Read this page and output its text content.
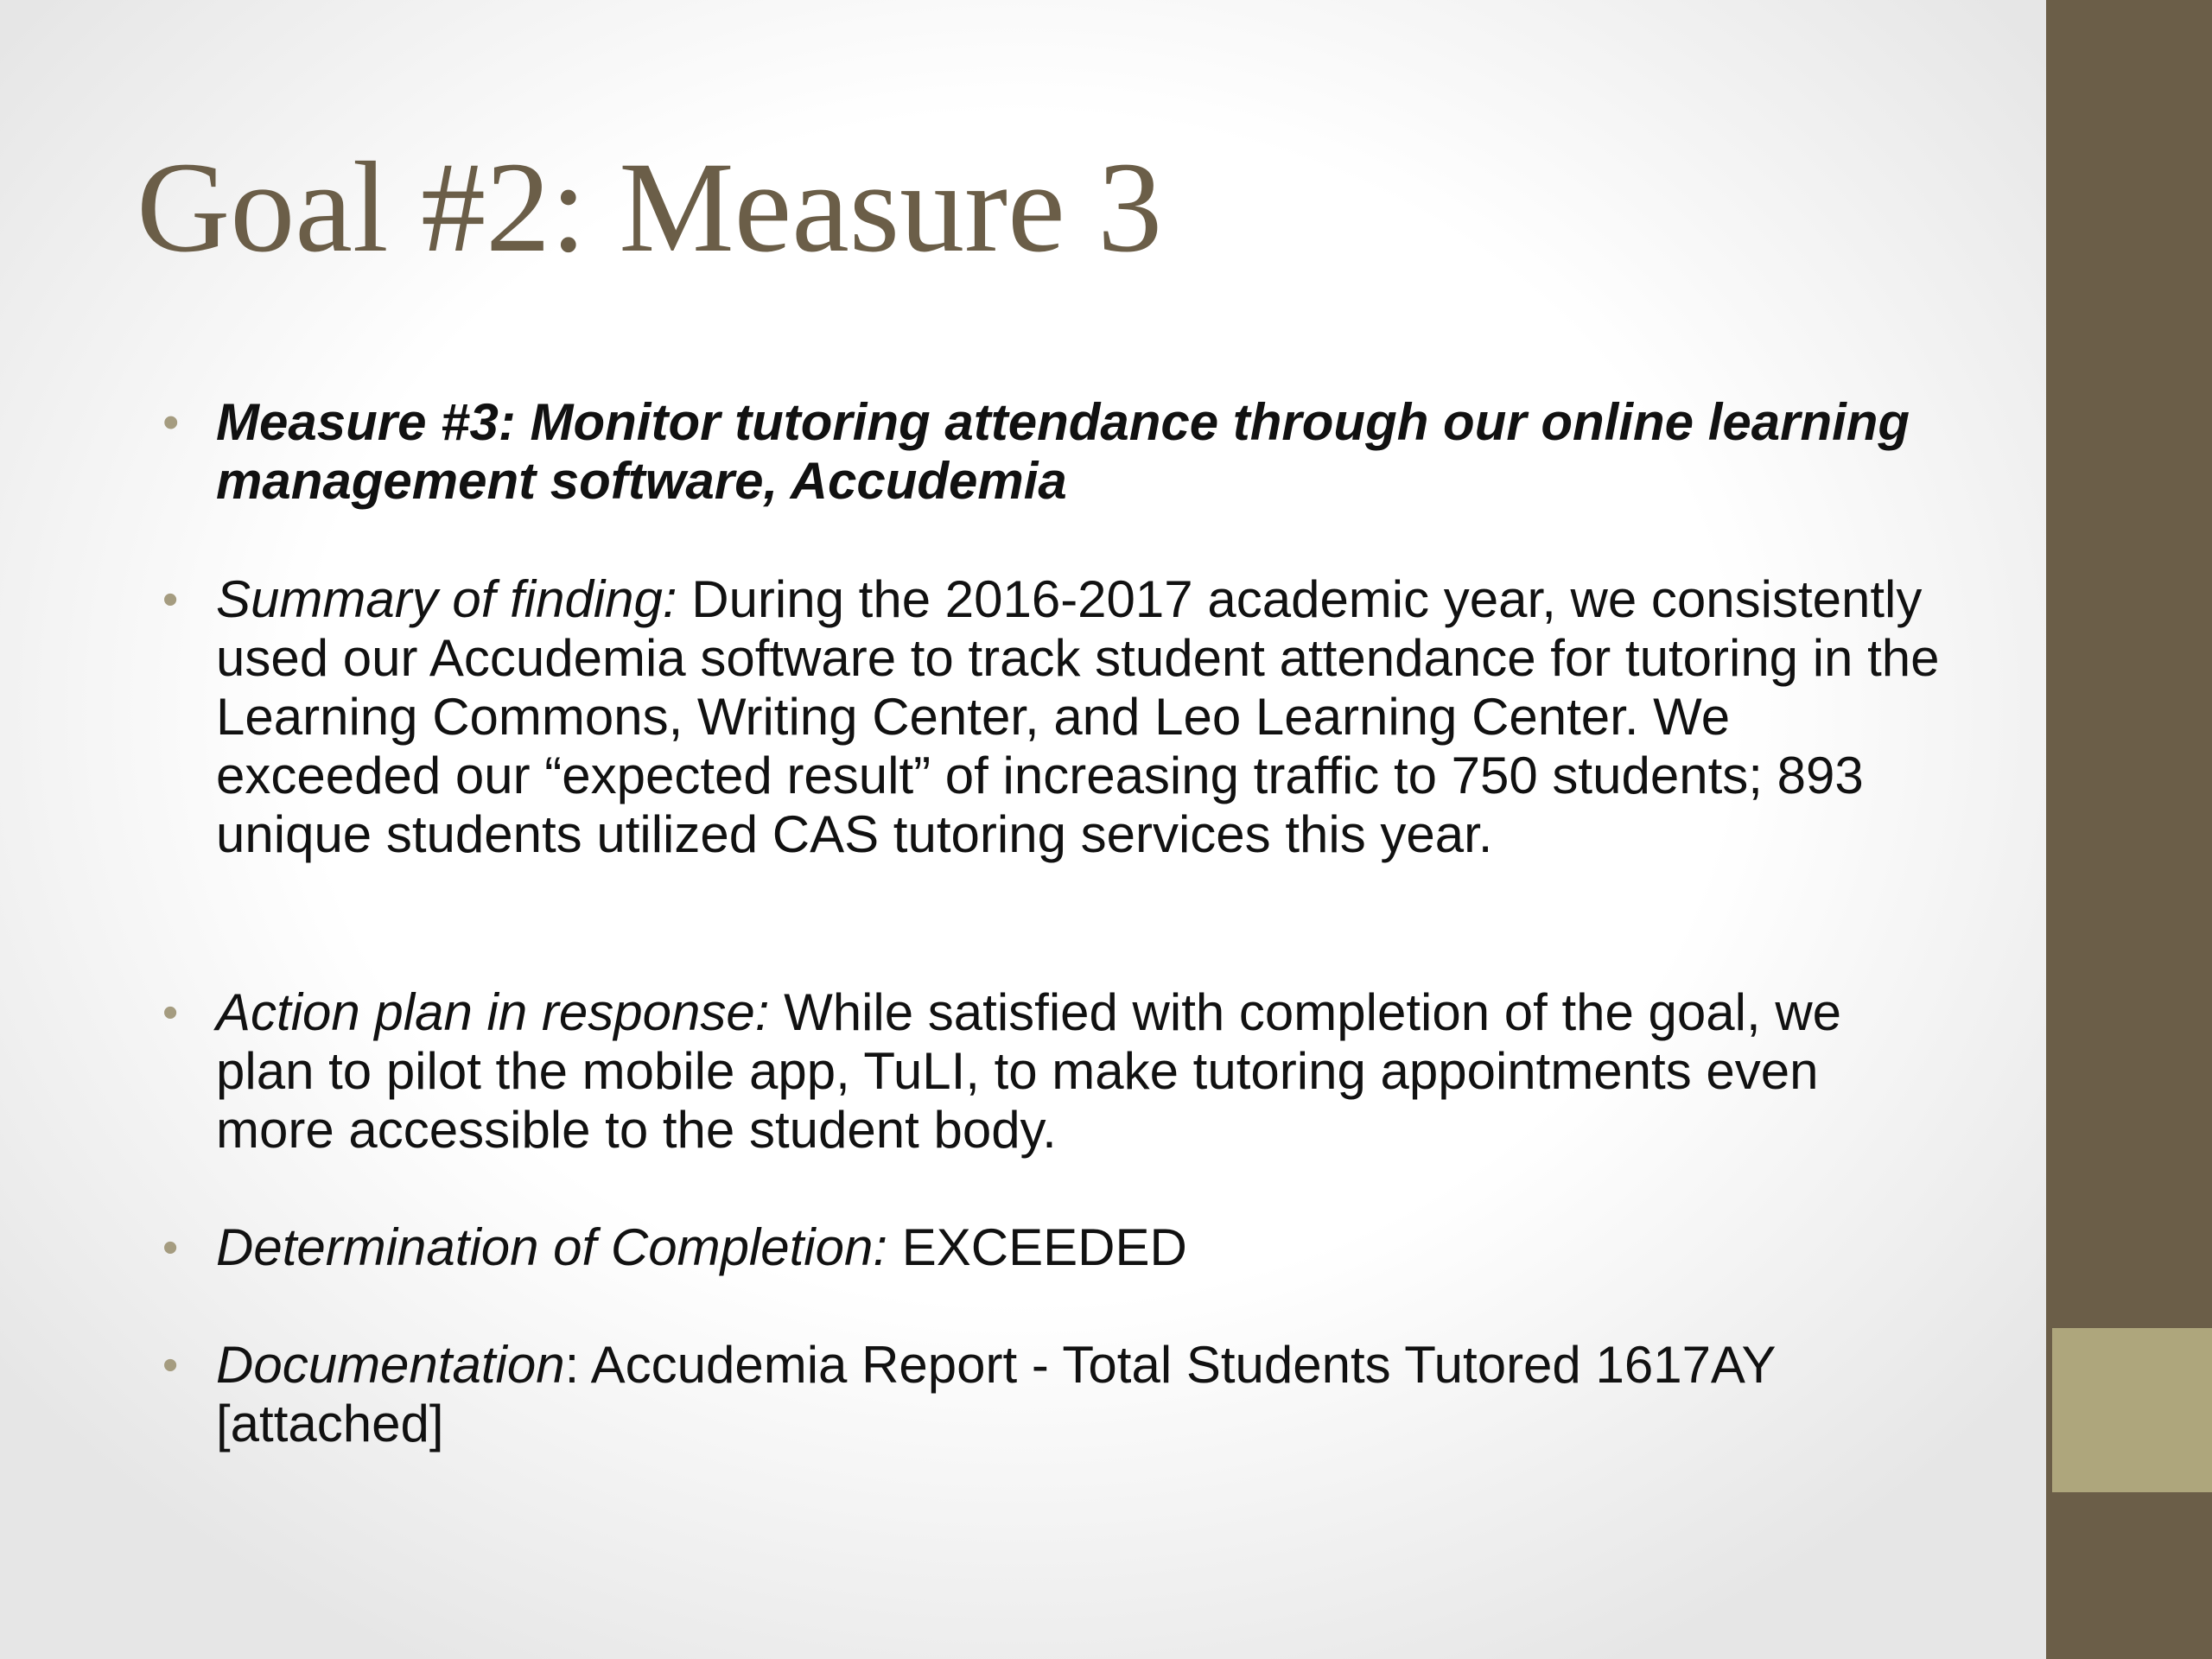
Goal #2: Measure 3
• Measure #3: Monitor tutoring attendance through our online learning management software, Accudemia
• Summary of finding: During the 2016-2017 academic year, we consistently used our Accudemia software to track student attendance for tutoring in the Learning Commons, Writing Center, and Leo Learning Center. We exceeded our “expected result” of increasing traffic to 750 students; 893 unique students utilized CAS tutoring services this year.
• Action plan in response: While satisfied with completion of the goal, we plan to pilot the mobile app, TuLI, to make tutoring appointments even more accessible to the student body.
• Determination of Completion: EXCEEDED
• Documentation: Accudemia Report - Total Students Tutored 1617AY [attached]
